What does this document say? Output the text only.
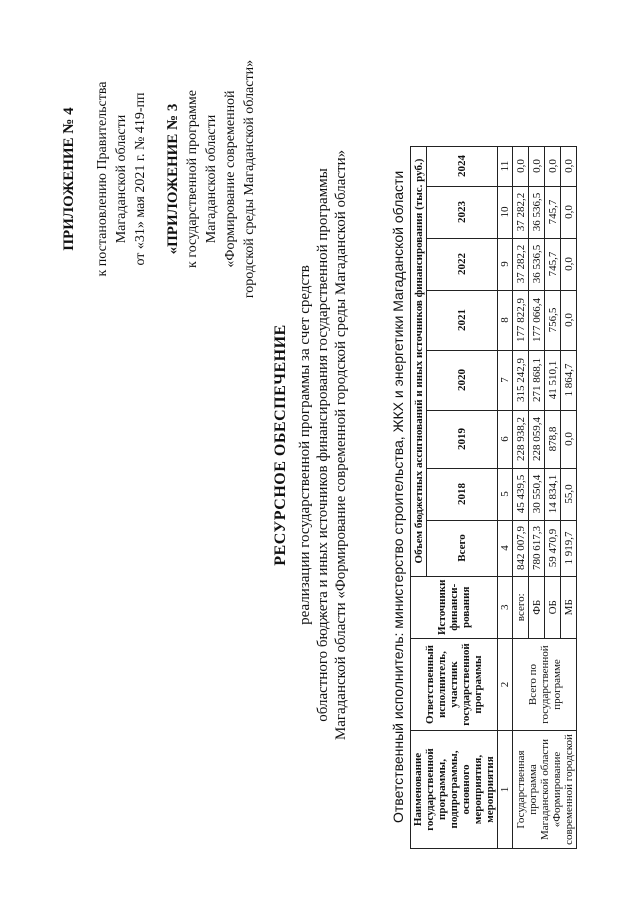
ПРИЛОЖЕНИЕ № 4 к постановлению Правительства Магаданской области от «31» мая 2021 г. № 419-пп «ПРИЛОЖЕНИЕ № 3 к государственной программе Магаданской области «Формирование современной городской среды Магаданской области»
РЕСУРСНОЕ ОБЕСПЕЧЕНИЕ реализации государственной программы за счет средств областного бюджета и иных источников финансирования государственной программы Магаданской области «Формирование современной городской среды Магаданской области»	Ответственный исполнитель: министерство строительства, ЖКХ и энергетики Магаданской области Наименование государственной программы, подпрограммы, основного мероприятия, мероприятия	Ответственный исполнитель, участник государственной программы	Источники финанси-рования	Объем бюджетных ассигнований и иных источников финансирования (тыс. руб.)							
			Всего	2018	2019	2020	2021	2022	2023	2024
1	2	3	4	5	6	7	8	9	10	11
Государственная программа Магаданской области «Формирование современной городской	Всего по государственной программе	всего:	842 007,9	45 439,5	228 938,2	315 242,9	177 822,9	37 282,2	37 282,2	0,0
		ФБ	780 617,3	30 550,4	228 059,4	271 868,1	177 066,4	36 536,5	36 536,5	0,0
		ОБ	59 470,9	14 834,1	878,8	41 510,1	756,5	745,7	745,7	0,0
		МБ	1 919,7	55,0	0,0	1 864,7	0,0	0,0	0,0	0,0
